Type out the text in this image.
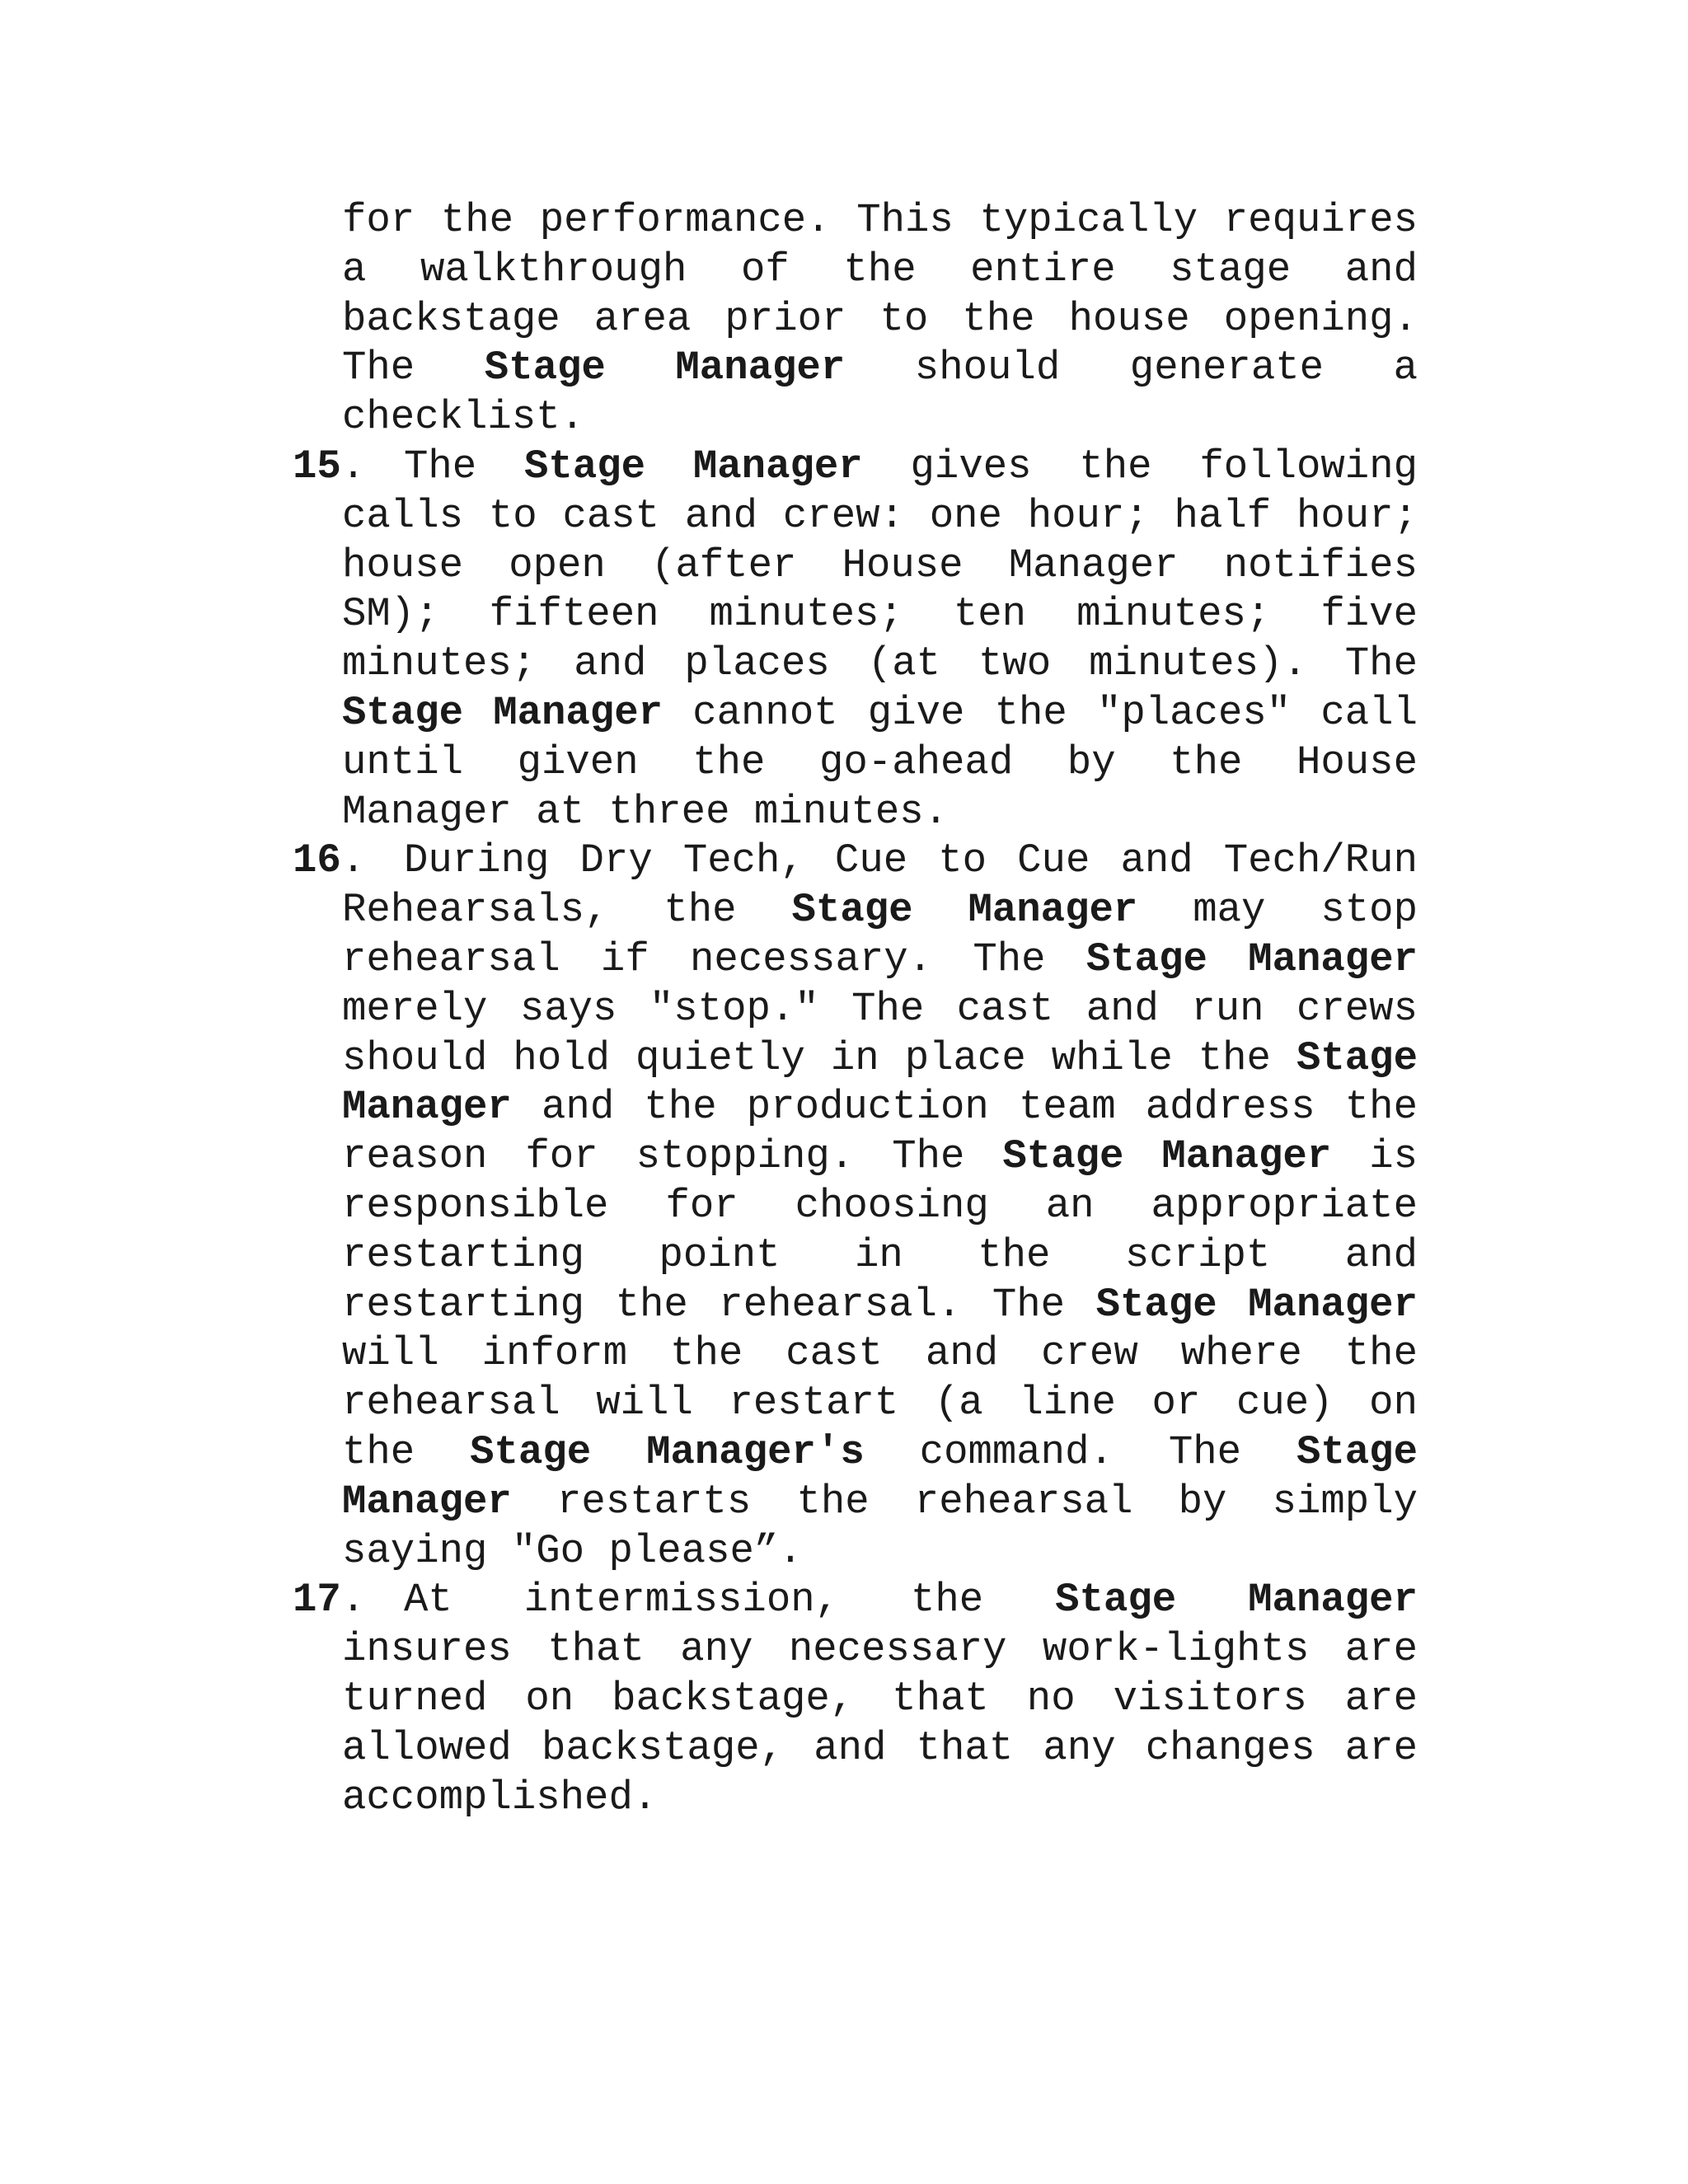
for the performance. This typically requires a walkthrough of the entire stage and backstage area prior to the house opening. The Stage Manager should generate a checklist.

15. The Stage Manager gives the following calls to cast and crew: one hour; half hour; house open (after House Manager notifies SM); fifteen minutes; ten minutes; five minutes; and places (at two minutes). The Stage Manager cannot give the "places" call until given the go-ahead by the House Manager at three minutes.

16. During Dry Tech, Cue to Cue and Tech/Run Rehearsals, the Stage Manager may stop rehearsal if necessary. The Stage Manager merely says "stop." The cast and run crews should hold quietly in place while the Stage Manager and the production team address the reason for stopping. The Stage Manager is responsible for choosing an appropriate restarting point in the script and restarting the rehearsal. The Stage Manager will inform the cast and crew where the rehearsal will restart (a line or cue) on the Stage Manager's command. The Stage Manager restarts the rehearsal by simply saying "Go please”.

17. At intermission, the Stage Manager insures that any necessary work-lights are turned on backstage, that no visitors are allowed backstage, and that any changes are accomplished.
